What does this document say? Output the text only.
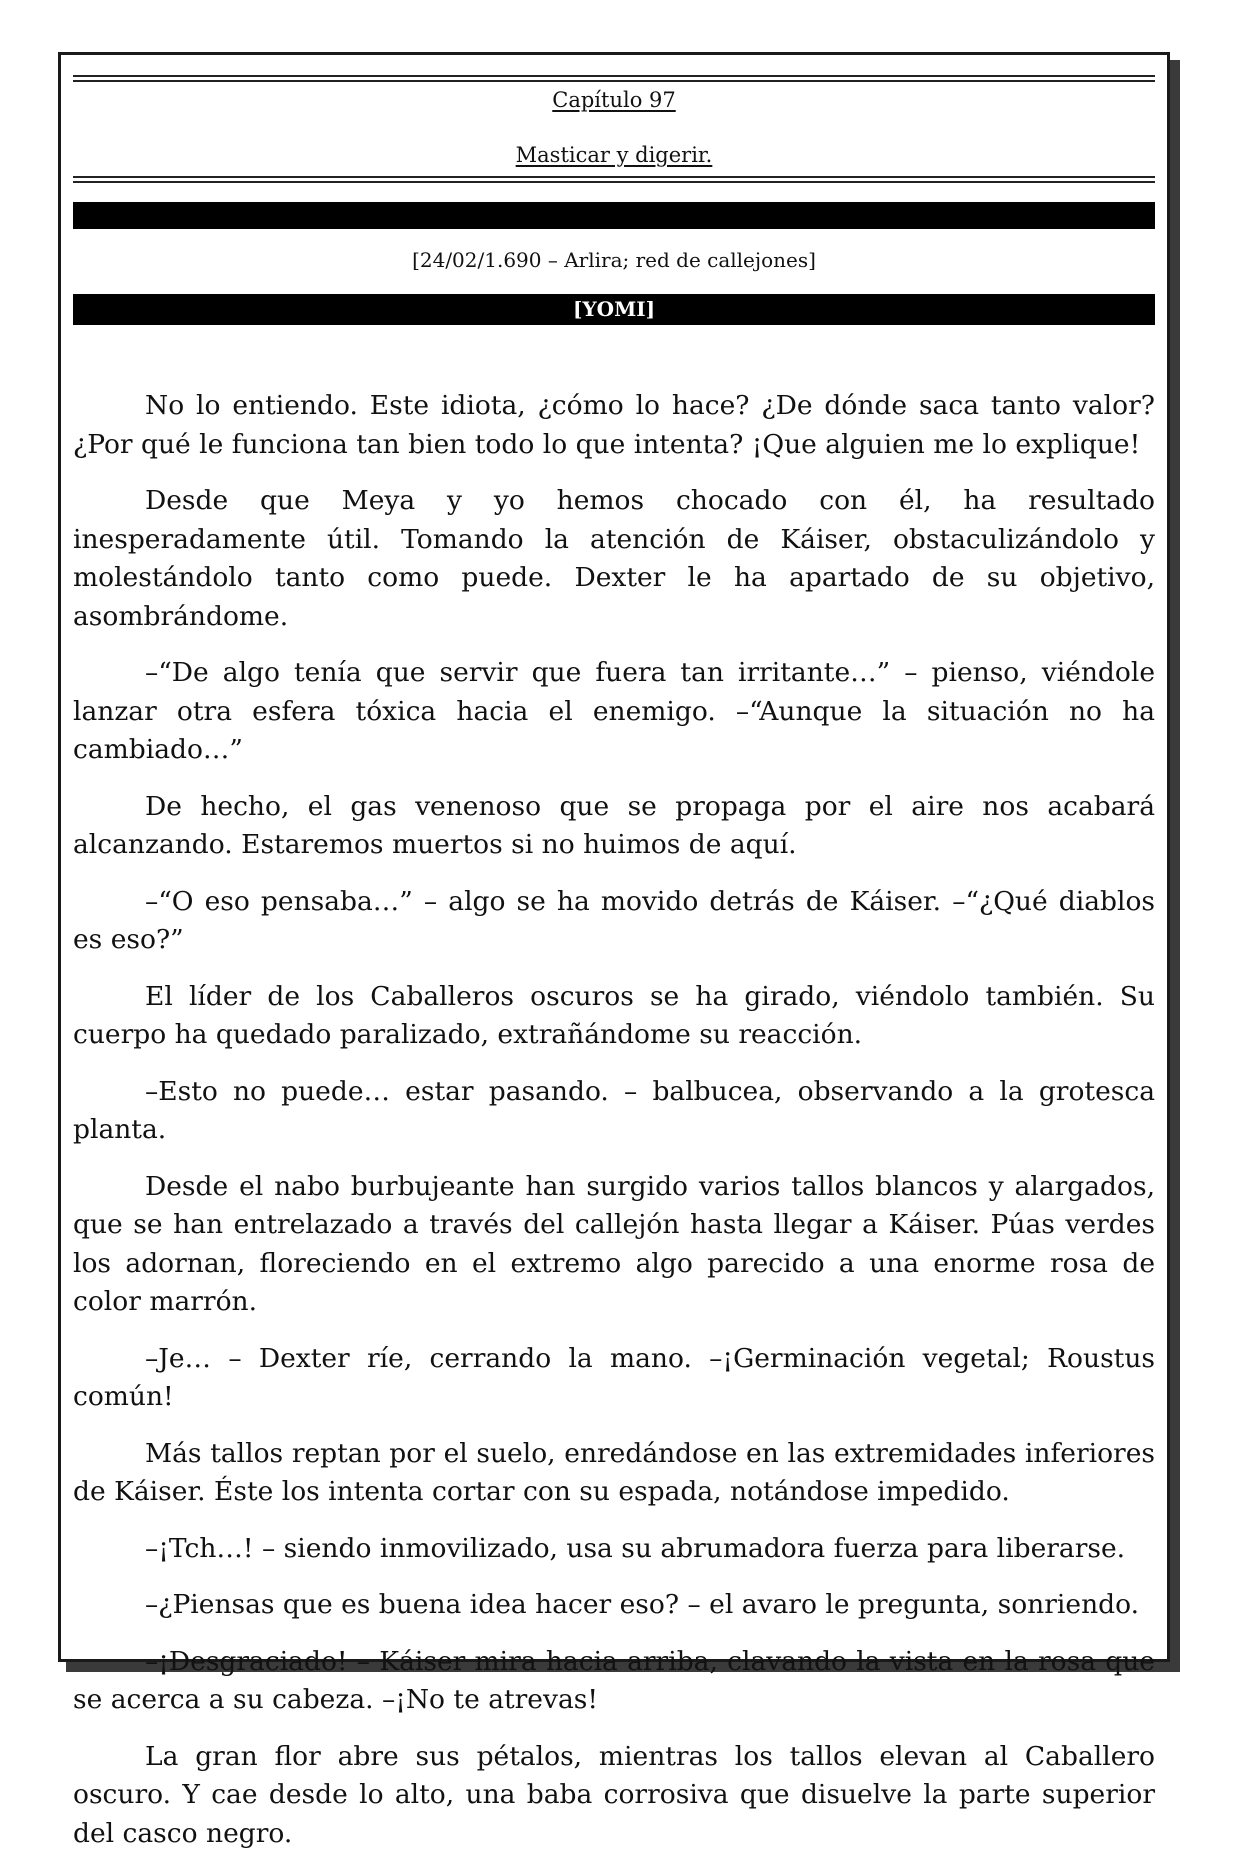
Capítulo 97
Masticar y digerir.
[24/02/1.690 – Arlira; red de callejones]
[YOMI]

No lo entiendo. Este idiota, ¿cómo lo hace? ¿De dónde saca tanto valor? ¿Por qué le funciona tan bien todo lo que intenta? ¡Que alguien me lo explique!

Desde que Meya y yo hemos chocado con él, ha resultado inesperadamente útil. Tomando la atención de Káiser, obstaculizándolo y molestándolo tanto como puede. Dexter le ha apartado de su objetivo, asombrándome.

–“De algo tenía que servir que fuera tan irritante…” – pienso, viéndole lanzar otra esfera tóxica hacia el enemigo. –“Aunque la situación no ha cambiado…”

De hecho, el gas venenoso que se propaga por el aire nos acabará alcanzando. Estaremos muertos si no huimos de aquí.

–“O eso pensaba…” – algo se ha movido detrás de Káiser. –“¿Qué diablos es eso?”

El líder de los Caballeros oscuros se ha girado, viéndolo también. Su cuerpo ha quedado paralizado, extrañándome su reacción.

–Esto no puede… estar pasando. – balbucea, observando a la grotesca planta.

Desde el nabo burbujeante han surgido varios tallos blancos y alargados, que se han entrelazado a través del callejón hasta llegar a Káiser. Púas verdes los adornan, floreciendo en el extremo algo parecido a una enorme rosa de color marrón.

–Je… – Dexter ríe, cerrando la mano. –¡Germinación vegetal; Roustus común!

Más tallos reptan por el suelo, enredándose en las extremidades inferiores de Káiser. Éste los intenta cortar con su espada, notándose impedido.

–¡Tch…! – siendo inmovilizado, usa su abrumadora fuerza para liberarse.

–¿Piensas que es buena idea hacer eso? – el avaro le pregunta, sonriendo.

–¡Desgraciado! – Káiser mira hacia arriba, clavando la vista en la rosa que se acerca a su cabeza. –¡No te atrevas!

La gran flor abre sus pétalos, mientras los tallos elevan al Caballero oscuro. Y cae desde lo alto, una baba corrosiva que disuelve la parte superior del casco negro.
